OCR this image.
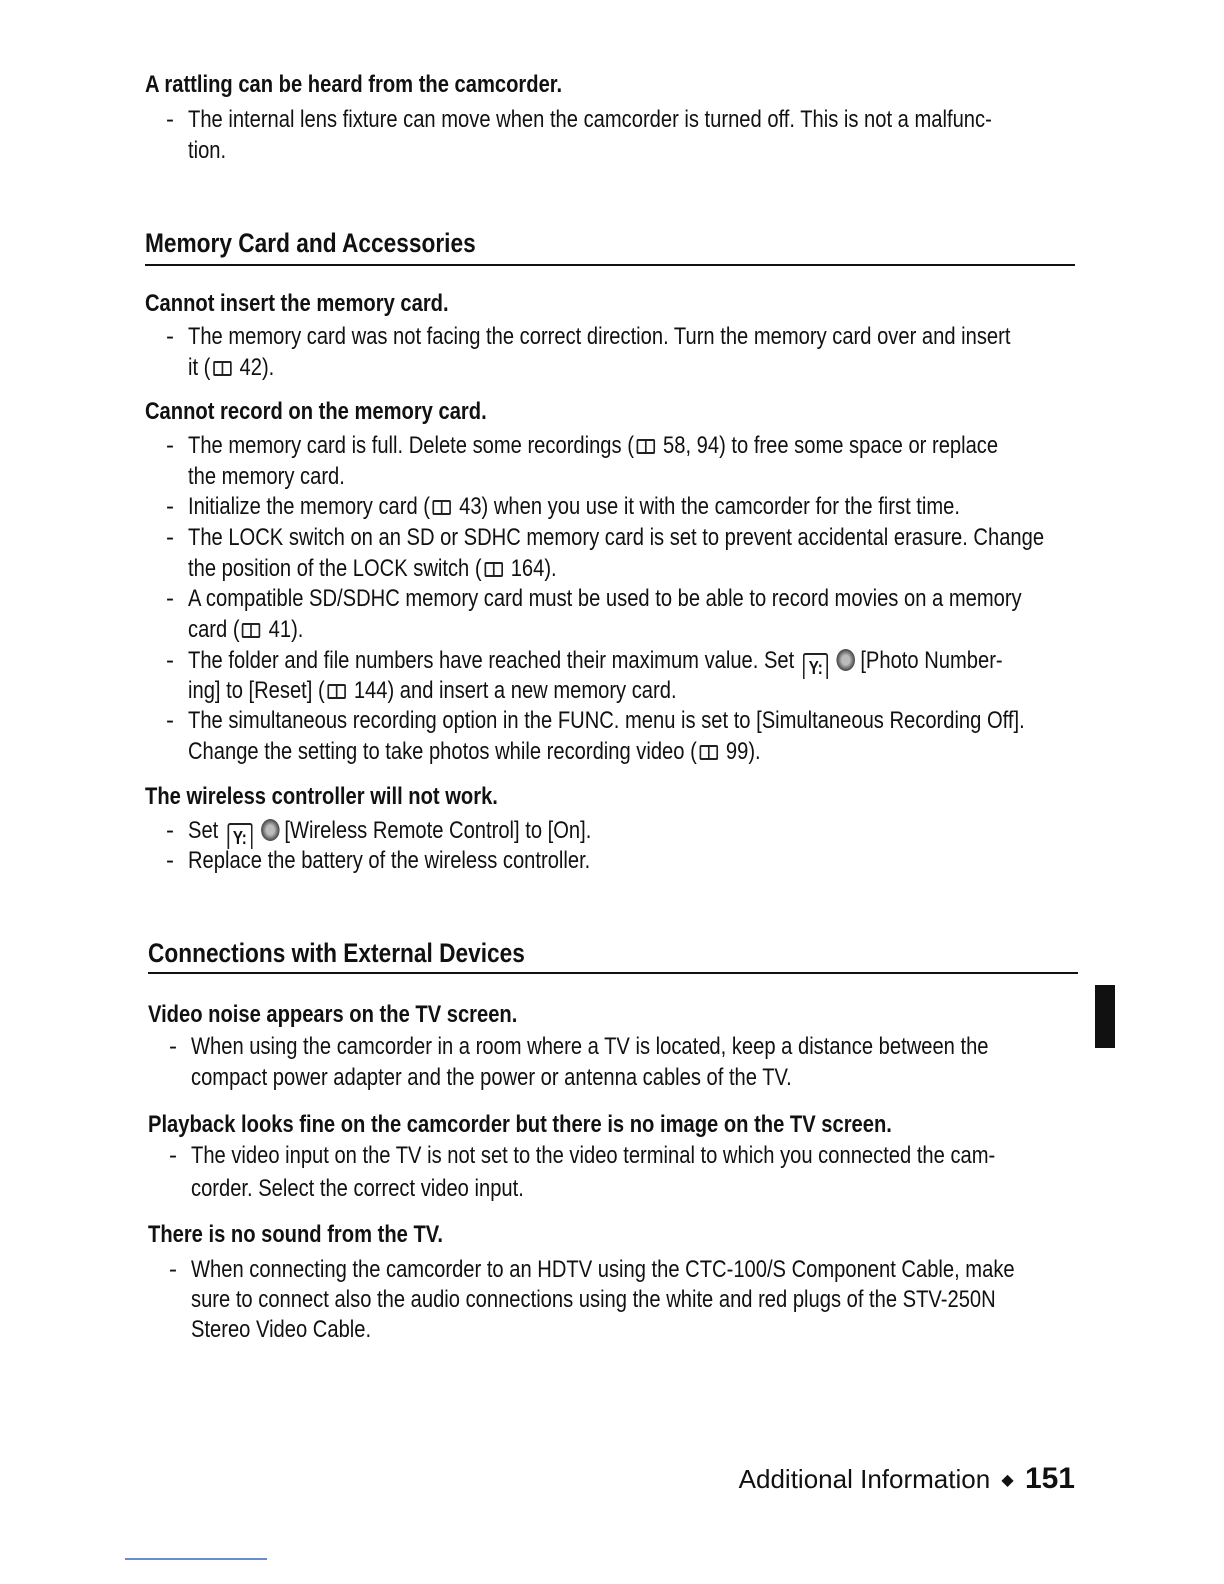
A rattling can be heard from the camcorder.
The internal lens fixture can move when the camcorder is turned off. This is not a malfunc-
-
tion.
Memory Card and Accessories
Cannot insert the memory card.
The memory card was not facing the correct direction. Turn the memory card over and insert
-
it ( 42).
Cannot record on the memory card.
The memory card is full. Delete some recordings ( 58, 94) to free some space or replace
-
the memory card.
Initialize the memory card ( 43) when you use it with the camcorder for the first time.
-
The LOCK switch on an SD or SDHC memory card is set to prevent accidental erasure. Change
-
the position of the LOCK switch ( 164).
A compatible SD/SDHC memory card must be used to be able to record movies on a memory
-
card ( 41).
The folder and file numbers have reached their maximum value. Set Y: [Photo Number-
-
ing] to [Reset] ( 144) and insert a new memory card.
The simultaneous recording option in the FUNC. menu is set to [Simultaneous Recording Off].
-
Change the setting to take photos while recording video ( 99).
The wireless controller will not work.
Set Y: [Wireless Remote Control] to [On].
-
Replace the battery of the wireless controller.
-
Connections with External Devices
Video noise appears on the TV screen.
When using the camcorder in a room where a TV is located, keep a distance between the
-
compact power adapter and the power or antenna cables of the TV.
Playback looks fine on the camcorder but there is no image on the TV screen.
The video input on the TV is not set to the video terminal to which you connected the cam-
-
corder. Select the correct video input.
There is no sound from the TV.
When connecting the camcorder to an HDTV using the CTC-100/S Component Cable, make
-
sure to connect also the audio connections using the white and red plugs of the STV-250N
Stereo Video Cable.
Additional Information ◆ 151
